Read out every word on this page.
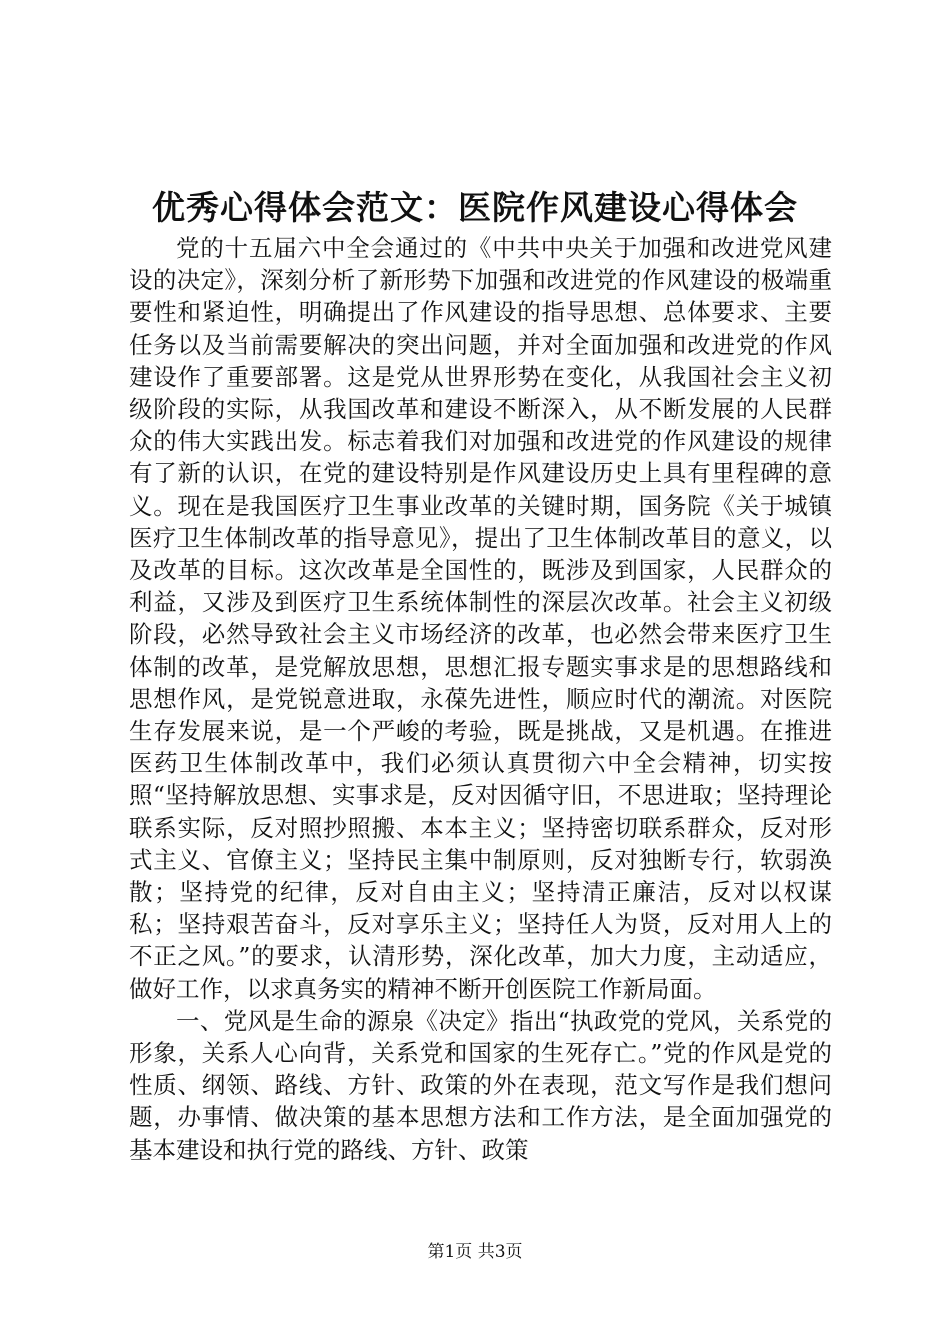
优秀心得体会范文：医院作风建设心得体会

党的十五届六中全会通过的《中共中央关于加强和改进党风建设的决定》，深刻分析了新形势下加强和改进党的作风建设的极端重要性和紧迫性，明确提出了作风建设的指导思想、总体要求、主要任务以及当前需要解决的突出问题，并对全面加强和改进党的作风建设作了重要部署。这是党从世界形势在变化，从我国社会主义初级阶段的实际，从我国改革和建设不断深入，从不断发展的人民群众的伟大实践出发。标志着我们对加强和改进党的作风建设的规律有了新的认识，在党的建设特别是作风建设历史上具有里程碑的意义。现在是我国医疗卫生事业改革的关键时期，国务院《关于城镇医疗卫生体制改革的指导意见》，提出了卫生体制改革目的意义，以及改革的目标。这次改革是全国性的，既涉及到国家，人民群众的利益，又涉及到医疗卫生系统体制性的深层次改革。社会主义初级阶段，必然导致社会主义市场经济的改革，也必然会带来医疗卫生体制的改革，是党解放思想，思想汇报专题实事求是的思想路线和思想作风，是党锐意进取，永葆先进性，顺应时代的潮流。对医院生存发展来说，是一个严峻的考验，既是挑战，又是机遇。在推进医药卫生体制改革中，我们必须认真贯彻六中全会精神，切实按照“坚持解放思想、实事求是，反对因循守旧，不思进取；坚持理论联系实际，反对照抄照搬、本本主义；坚持密切联系群众，反对形式主义、官僚主义；坚持民主集中制原则，反对独断专行，软弱涣散；坚持党的纪律，反对自由主义；坚持清正廉洁，反对以权谋私；坚持艰苦奋斗，反对享乐主义；坚持任人为贤，反对用人上的不正之风。”的要求，认清形势，深化改革，加大力度，主动适应，做好工作，以求真务实的精神不断开创医院工作新局面。

一、党风是生命的源泉《决定》指出“执政党的党风，关系党的形象，关系人心向背，关系党和国家的生死存亡。”党的作风是党的性质、纲领、路线、方针、政策的外在表现，范文写作是我们想问题，办事情、做决策的基本思想方法和工作方法，是全面加强党的基本建设和执行党的路线、方针、政策

第1页 共3页
